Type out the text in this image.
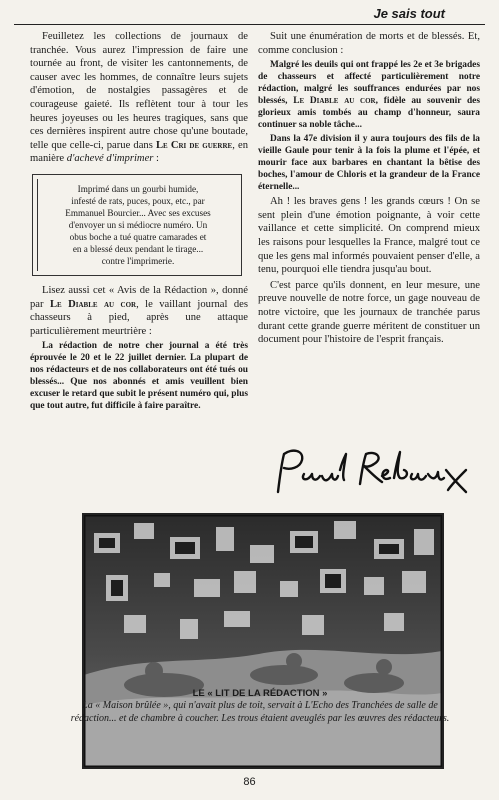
Je sais tout

Feuilletez les collections de journaux de tranchée. Vous aurez l'impression de faire une tournée au front, de visiter les cantonnements, de causer avec les hommes, de connaître leurs sujets d'émotion, de nostalgies passagères et de courageuse gaieté. Ils reflètent tour à tour les heures joyeuses ou les heures tragiques, sans que ces dernières inspirent autre chose qu'une boutade, telle que celle-ci, parue dans Le Cri de guerre, en manière d'achevé d'imprimer :

Imprimé dans un gourbi humide,
infesté de rats, puces, poux, etc., par
Emmanuel Bourcier... Avec ses excuses
d'envoyer un si médiocre numéro. Un
obus boche a tué quatre camarades et
en a blessé deux pendant le tirage...
contre l'imprimerie.

Lisez aussi cet « Avis de la Rédaction », donné par Le Diable au cor, le vaillant journal des chasseurs à pied, après une attaque particulièrement meurtrière :

La rédaction de notre cher journal a été très éprouvée le 20 et le 22 juillet dernier. La plupart de nos rédacteurs et de nos collaborateurs ont été tués ou blessés... Que nos abonnés et amis veuillent bien excuser le retard que subit le présent numéro qui, plus que tout autre, fut difficile à faire paraître.

Suit une énumération de morts et de blessés. Et, comme conclusion :

Malgré les deuils qui ont frappé les 2e et 3e brigades de chasseurs et affecté particulièrement notre rédaction, malgré les souffrances endurées par nos blessés, Le Diable au cor, fidèle au souvenir des glorieux amis tombés au champ d'honneur, saura continuer sa noble tâche...

Dans la 47e division il y aura toujours des fils de la vieille Gaule pour tenir à la fois la plume et l'épée, et mourir face aux barbares en chantant la bêtise des boches, l'amour de Chloris et la grandeur de la France éternelle...

Ah ! les braves gens ! les grands cœurs ! On se sent plein d'une émotion poignante, à voir cette vaillance et cette simplicité. On comprend mieux les raisons pour lesquelles la France, malgré tout ce que les gens mal informés pouvaient penser d'elle, a tenu, pourquoi elle tiendra jusqu'au bout.

C'est parce qu'ils donnent, en leur mesure, une preuve nouvelle de notre force, un gage nouveau de notre victoire, que les journaux de tranchée parus durant cette grande guerre méritent de constituer un document pour l'histoire de l'esprit français.

LE « LIT DE LA RÉDACTION »
La « Maison brûlée », qui n'avait plus de toit, servait à L'Echo des Tranchées de salle de rédaction... et de chambre à coucher. Les trous étaient aveuglés par les œuvres des rédacteurs.
86
